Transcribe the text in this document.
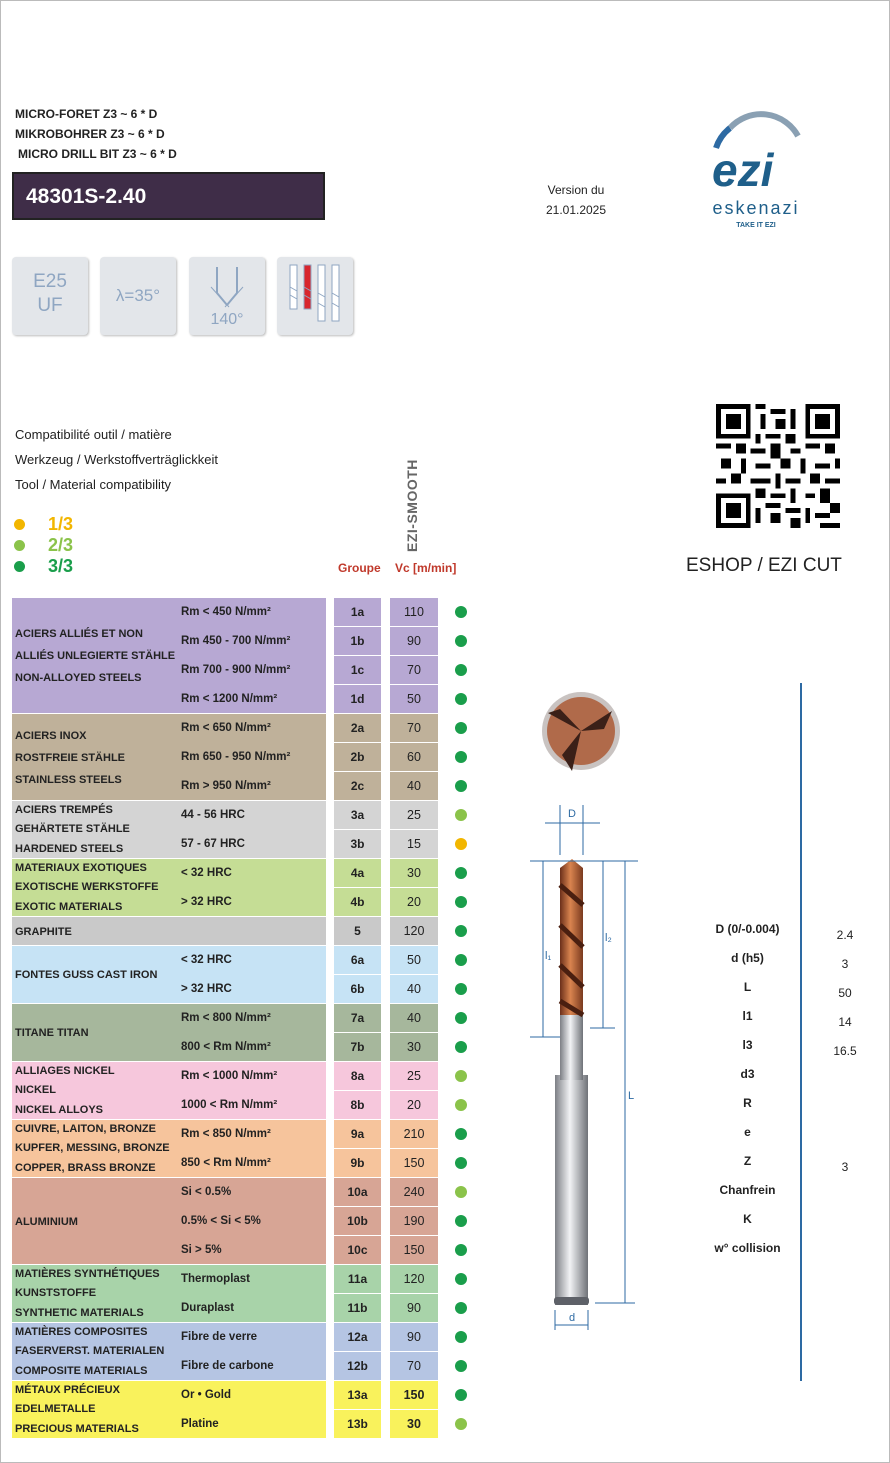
MICRO-FORET Z3 ~ 6 * D
MIKROBOHRER Z3 ~ 6 * D
MICRO DRILL BIT Z3 ~ 6 * D
48301S-2.40	Version du
21.01.2025
ezi
eskenazi
TAKE IT EZI
E25
UF	λ=35°
140°
ESHOP / EZI CUT
Compatibilité outil / matière
Werkzeug / Werkstoffverträglickkeit
Tool / Material compatibility
1/3
2/3
3/3
EZI-SMOOTH
Groupe Vc [m/min]
ACIERS ALLIÉS ET NON
ALLIÉS UNLEGIERTE STÄHLE
NON-ALLOYED STEELS
Rm < 450 N/mm²	1a	110
Rm 450 - 700 N/mm²	1b	90
Rm 700 - 900 N/mm²	1c	70
Rm < 1200 N/mm²	1d	50
ACIERS INOX
ROSTFREIE STÄHLE
STAINLESS STEELS
Rm < 650 N/mm²	2a	70
Rm 650 - 950 N/mm²	2b	60
Rm > 950 N/mm²	2c	40
ACIERS TREMPÉS
GEHÄRTETE STÄHLE
HARDENED STEELS
44 - 56 HRC	3a	25
57 - 67 HRC	3b	15
MATERIAUX EXOTIQUES
EXOTISCHE WERKSTOFFE
EXOTIC MATERIALS
< 32 HRC	4a	30
> 32 HRC	4b	20
GRAPHITE	5	120
FONTES GUSS CAST IRON
< 32 HRC	6a	50
> 32 HRC	6b	40
TITANE TITAN
Rm < 800 N/mm²	7a	40
800 < Rm N/mm²	7b	30
ALLIAGES NICKEL
NICKEL
NICKEL ALLOYS
Rm < 1000 N/mm²	8a	25
1000 < Rm N/mm²	8b	20
CUIVRE, LAITON, BRONZE
KUPFER, MESSING, BRONZE
COPPER, BRASS BRONZE
Rm < 850 N/mm²	9a	210
850 < Rm N/mm²	9b	150
ALUMINIUM
Si < 0.5%	10a	240
0.5% < Si < 5%	10b	190
Si > 5%	10c	150
MATIÈRES SYNTHÉTIQUES
KUNSTSTOFFE
SYNTHETIC MATERIALS
Thermoplast	11a	120
Duraplast	11b	90
MATIÈRES COMPOSITES
FASERVERST. MATERIALEN
COMPOSITE MATERIALS
Fibre de verre	12a	90
Fibre de carbone	12b	70
MÉTAUX PRÉCIEUX
EDELMETALLE
PRECIOUS MATERIALS
Or • Gold	13a	150
Platine	13b	30
D
l₁
l₂
L
d
D (0/-0.004)	2.4
d (h5)	3
L	50
l1	14
l3	16.5
d3
R
e
Z	3
Chanfrein
K
w° collision
